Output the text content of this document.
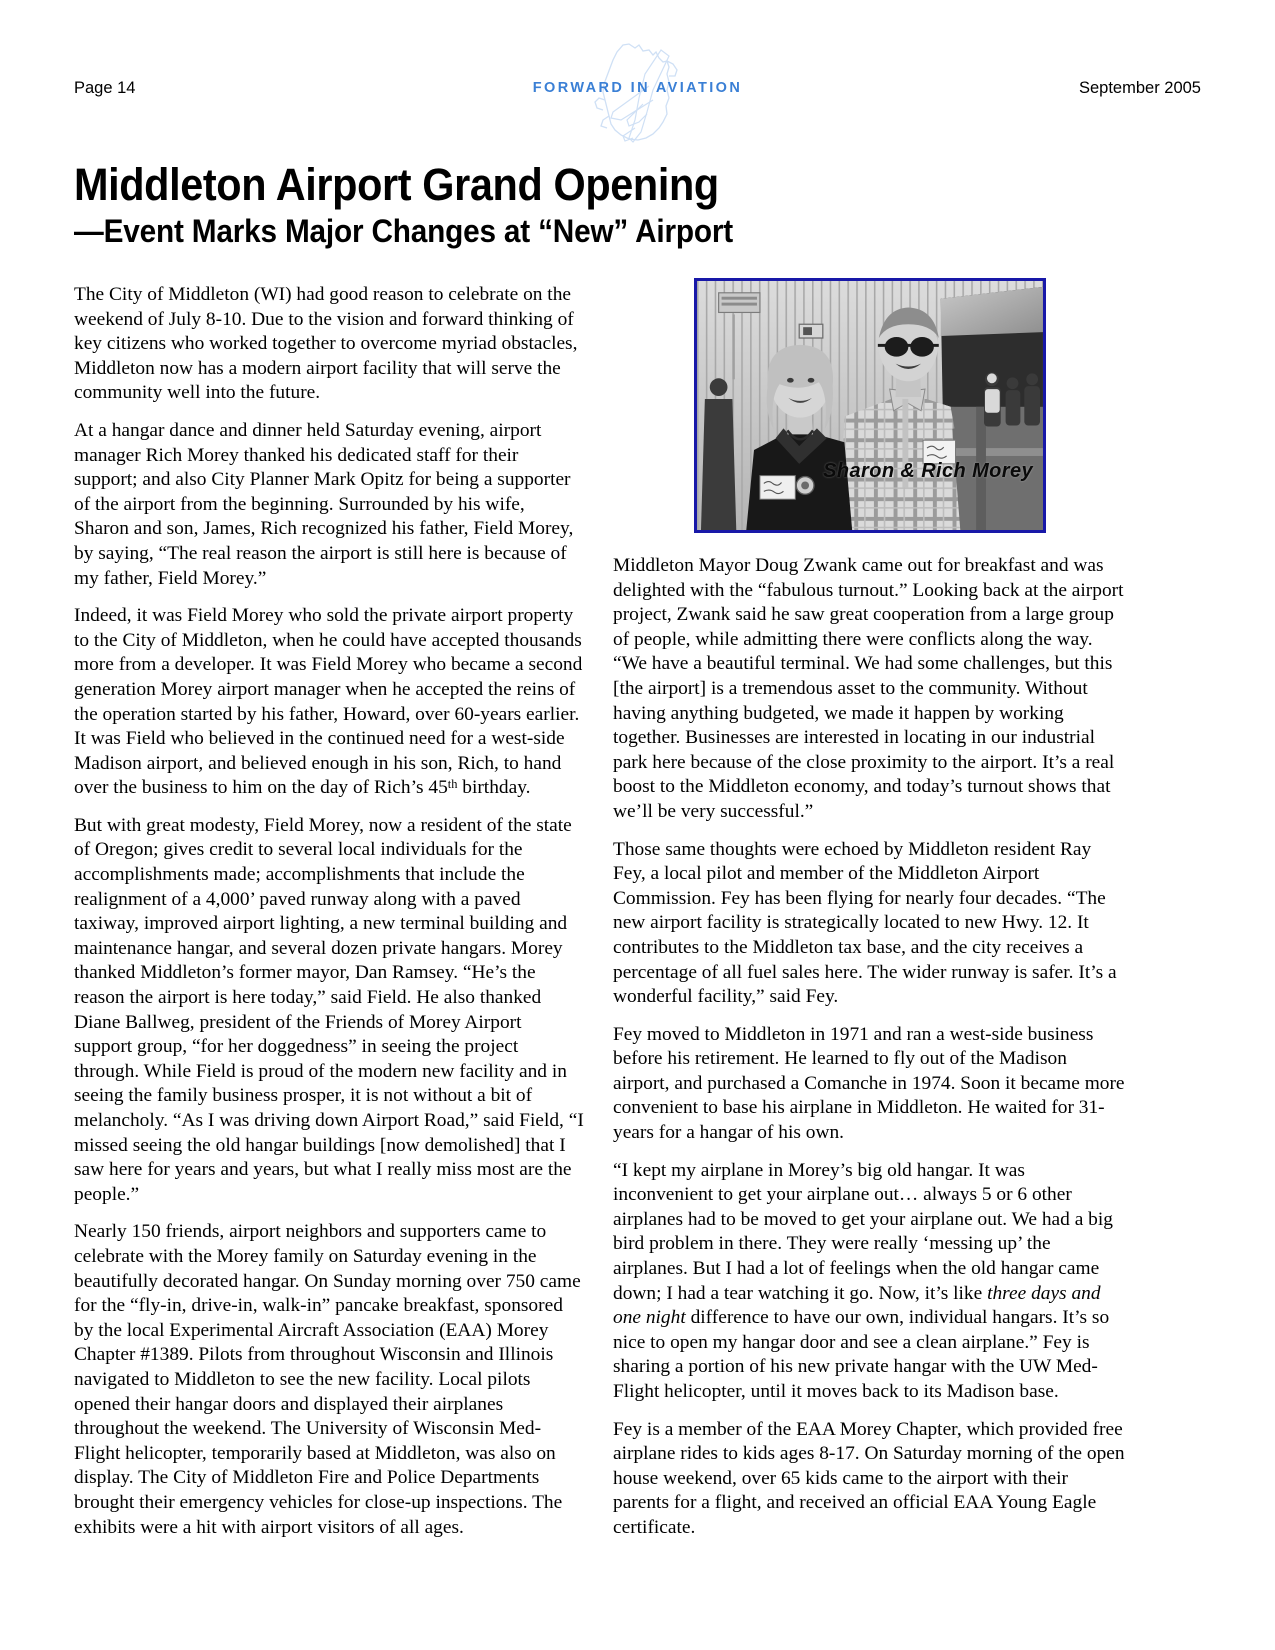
Page 14	September 2005
FORWARD IN AVIATION
Middleton Airport Grand Opening
—Event Marks Major Changes at “New” Airport
Sharon & Rich Morey

The City of Middleton (WI) had good reason to celebrate on the weekend of July 8-10. Due to the vision and forward thinking of key citizens who worked together to overcome myriad obstacles, Middleton now has a modern airport facility that will serve the community well into the future.

At a hangar dance and dinner held Saturday evening, airport manager Rich Morey thanked his dedicated staff for their support; and also City Planner Mark Opitz for being a supporter of the airport from the beginning. Surrounded by his wife, Sharon and son, James, Rich recognized his father, Field Morey, by saying, “The real reason the airport is still here is because of my father, Field Morey.”

Indeed, it was Field Morey who sold the private airport property to the City of Middleton, when he could have accepted thousands more from a developer. It was Field Morey who became a second generation Morey airport manager when he accepted the reins of the operation started by his father, Howard, over 60-years earlier. It was Field who believed in the continued need for a west-side Madison airport, and believed enough in his son, Rich, to hand over the business to him on the day of Rich’s 45th birthday.

But with great modesty, Field Morey, now a resident of the state of Oregon; gives credit to several local individuals for the accomplishments made; accomplishments that include the realignment of a 4,000’ paved runway along with a paved taxiway, improved airport lighting, a new terminal building and maintenance hangar, and several dozen private hangars. Morey thanked Middleton’s former mayor, Dan Ramsey. “He’s the reason the airport is here today,” said Field. He also thanked Diane Ballweg, president of the Friends of Morey Airport support group, “for her doggedness” in seeing the project through. While Field is proud of the modern new facility and in seeing the family business prosper, it is not without a bit of melancholy. “As I was driving down Airport Road,” said Field, “I missed seeing the old hangar buildings [now demolished] that I saw here for years and years, but what I really miss most are the people.”

Nearly 150 friends, airport neighbors and supporters came to celebrate with the Morey family on Saturday evening in the beautifully decorated hangar. On Sunday morning over 750 came for the “fly-in, drive-in, walk-in” pancake breakfast, sponsored by the local Experimental Aircraft Association (EAA) Morey Chapter #1389. Pilots from throughout Wisconsin and Illinois navigated to Middleton to see the new facility. Local pilots opened their hangar doors and displayed their airplanes throughout the weekend. The University of Wisconsin Med-Flight helicopter, temporarily based at Middleton, was also on display. The City of Middleton Fire and Police Departments brought their emergency vehicles for close-up inspections. The exhibits were a hit with airport visitors of all ages.

Middleton Mayor Doug Zwank came out for breakfast and was delighted with the “fabulous turnout.” Looking back at the airport project, Zwank said he saw great cooperation from a large group of people, while admitting there were conflicts along the way. “We have a beautiful terminal. We had some challenges, but this [the airport] is a tremendous asset to the community. Without having anything budgeted, we made it happen by working together. Businesses are interested in locating in our industrial park here because of the close proximity to the airport. It’s a real boost to the Middleton economy, and today’s turnout shows that we’ll be very successful.”

Those same thoughts were echoed by Middleton resident Ray Fey, a local pilot and member of the Middleton Airport Commission. Fey has been flying for nearly four decades. “The new airport facility is strategically located to new Hwy. 12. It contributes to the Middleton tax base, and the city receives a percentage of all fuel sales here. The wider runway is safer. It’s a wonderful facility,” said Fey.

Fey moved to Middleton in 1971 and ran a west-side business before his retirement. He learned to fly out of the Madison airport, and purchased a Comanche in 1974. Soon it became more convenient to base his airplane in Middleton. He waited for 31-years for a hangar of his own.

“I kept my airplane in Morey’s big old hangar. It was inconvenient to get your airplane out… always 5 or 6 other airplanes had to be moved to get your airplane out. We had a big bird problem in there. They were really ‘messing up’ the airplanes. But I had a lot of feelings when the old hangar came down; I had a tear watching it go. Now, it’s like three days and one night difference to have our own, individual hangars. It’s so nice to open my hangar door and see a clean airplane.” Fey is sharing a portion of his new private hangar with the UW Med-Flight helicopter, until it moves back to its Madison base.

Fey is a member of the EAA Morey Chapter, which provided free airplane rides to kids ages 8-17. On Saturday morning of the open house weekend, over 65 kids came to the airport with their parents for a flight, and received an official EAA Young Eagle certificate.
